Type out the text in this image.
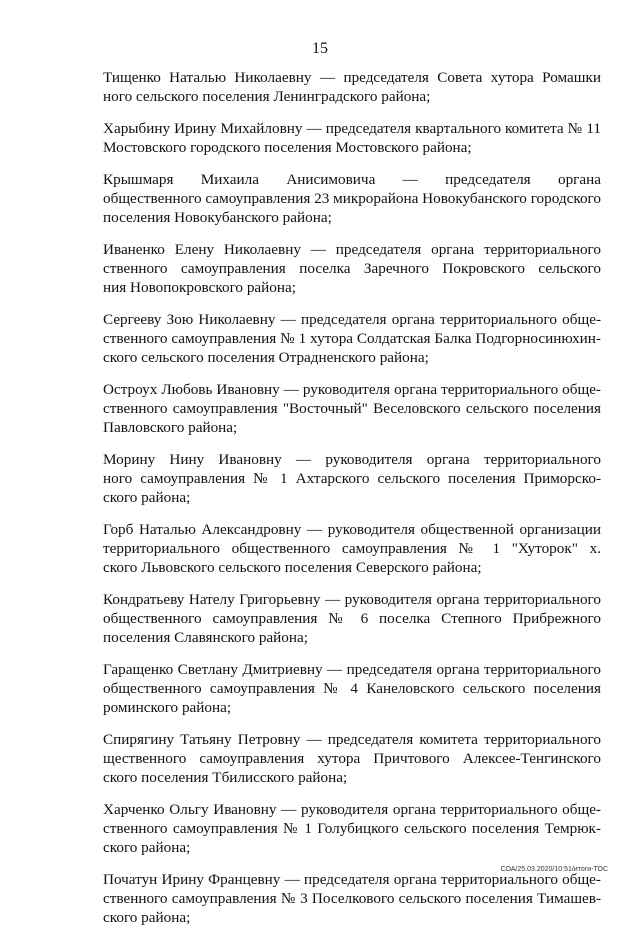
15

Тищенко Наталью Николаевну — председателя Совета хутора Ромашки
ного сельского поселения Ленинградского района;

Харыбину Ирину Михайловну — председателя квартального комитета № 11
Мостовского городского поселения Мостовского района;

Крышмаря Михаила Анисимовича — председателя органа
общественного самоуправления 23 микрорайона Новокубанского городского
поселения Новокубанского района;

Иваненко Елену Николаевну — председателя органа территориального
ственного самоуправления поселка Заречного Покровского сельского
ния Новопокровского района;

Сергееву Зою Николаевну — председателя органа территориального обще-
ственного самоуправления № 1 хутора Солдатская Балка Подгорносинюхин-
ского сельского поселения Отрадненского района;

Остроух Любовь Ивановну — руководителя органа территориального обще-
ственного самоуправления "Восточный" Веселовского сельского поселения
Павловского района;

Морину Нину Ивановну — руководителя органа территориального
ного самоуправления № 1 Ахтарского сельского поселения Приморско-
ского района;

Горб Наталью Александровну — руководителя общественной организации
территориального общественного самоуправления № 1 "Хуторок" х.
ского Львовского сельского поселения Северского района;

Кондратьеву Нателу Григорьевну — руководителя органа территориального
общественного самоуправления № 6 поселка Степного Прибрежного
поселения Славянского района;

Гаращенко Светлану Дмитриевну — председателя органа территориального
общественного самоуправления № 4 Канеловского сельского поселения
роминского района;

Спирягину Татьяну Петровну — председателя комитета территориального
щественного самоуправления хутора Причтового Алексее-Тенгинского
ского поселения Тбилисского района;

Харченко Ольгу Ивановну — руководителя органа территориального обще-
ственного самоуправления № 1 Голубицкого сельского поселения Темрюк-
ского района;

Початун Ирину Францевну — председателя органа территориального обще-
ственного самоуправления № 3 Поселкового сельского поселения Тимашев-
ского района;

СОА/25.03.2020/10:51/итоги-ТОС
